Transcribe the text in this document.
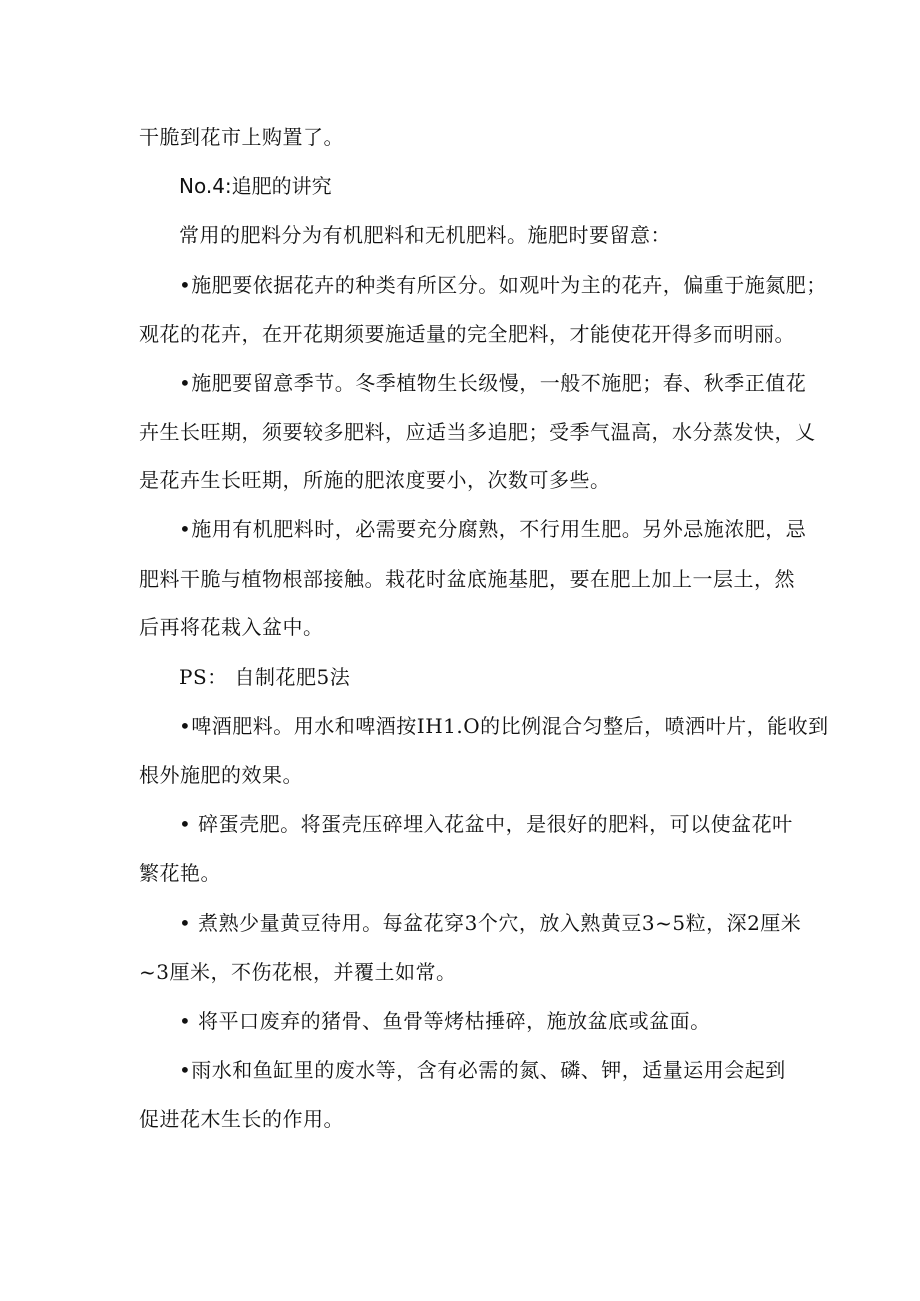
干脆到花市上购置了。
No.4:追肥的讲究
常用的肥料分为有机肥料和无机肥料。施肥时要留意：
•施肥要依据花卉的种类有所区分。如观叶为主的花卉，偏重于施氮肥；
观花的花卉，在开花期须要施适量的完全肥料，才能使花开得多而明丽。
•施肥要留意季节。冬季植物生长级慢，一般不施肥；春、秋季正值花
卉生长旺期，须要较多肥料，应适当多追肥；受季气温高，水分蒸发快，乂
是花卉生长旺期，所施的肥浓度要小，次数可多些。
•施用有机肥料时，必需要充分腐熟，不行用生肥。另外忌施浓肥，忌
肥料干脆与植物根部接触。栽花时盆底施基肥，要在肥上加上一层土，然
后再将花栽入盆中。
PS： 自制花肥5法
•啤酒肥料。用水和啤酒按IH1.O的比例混合匀整后，喷洒叶片，能收到
根外施肥的效果。
• 碎蛋壳肥。将蛋壳压碎埋入花盆中，是很好的肥料，可以使盆花叶
繁花艳。
• 煮熟少量黄豆待用。每盆花穿3个穴，放入熟黄豆3~5粒，深2厘米
~3厘米，不伤花根，并覆土如常。
• 将平口废弃的猪骨、鱼骨等烤枯捶碎，施放盆底或盆面。
•雨水和鱼缸里的废水等，含有必需的氮、磷、钾，适量运用会起到
促进花木生长的作用。
